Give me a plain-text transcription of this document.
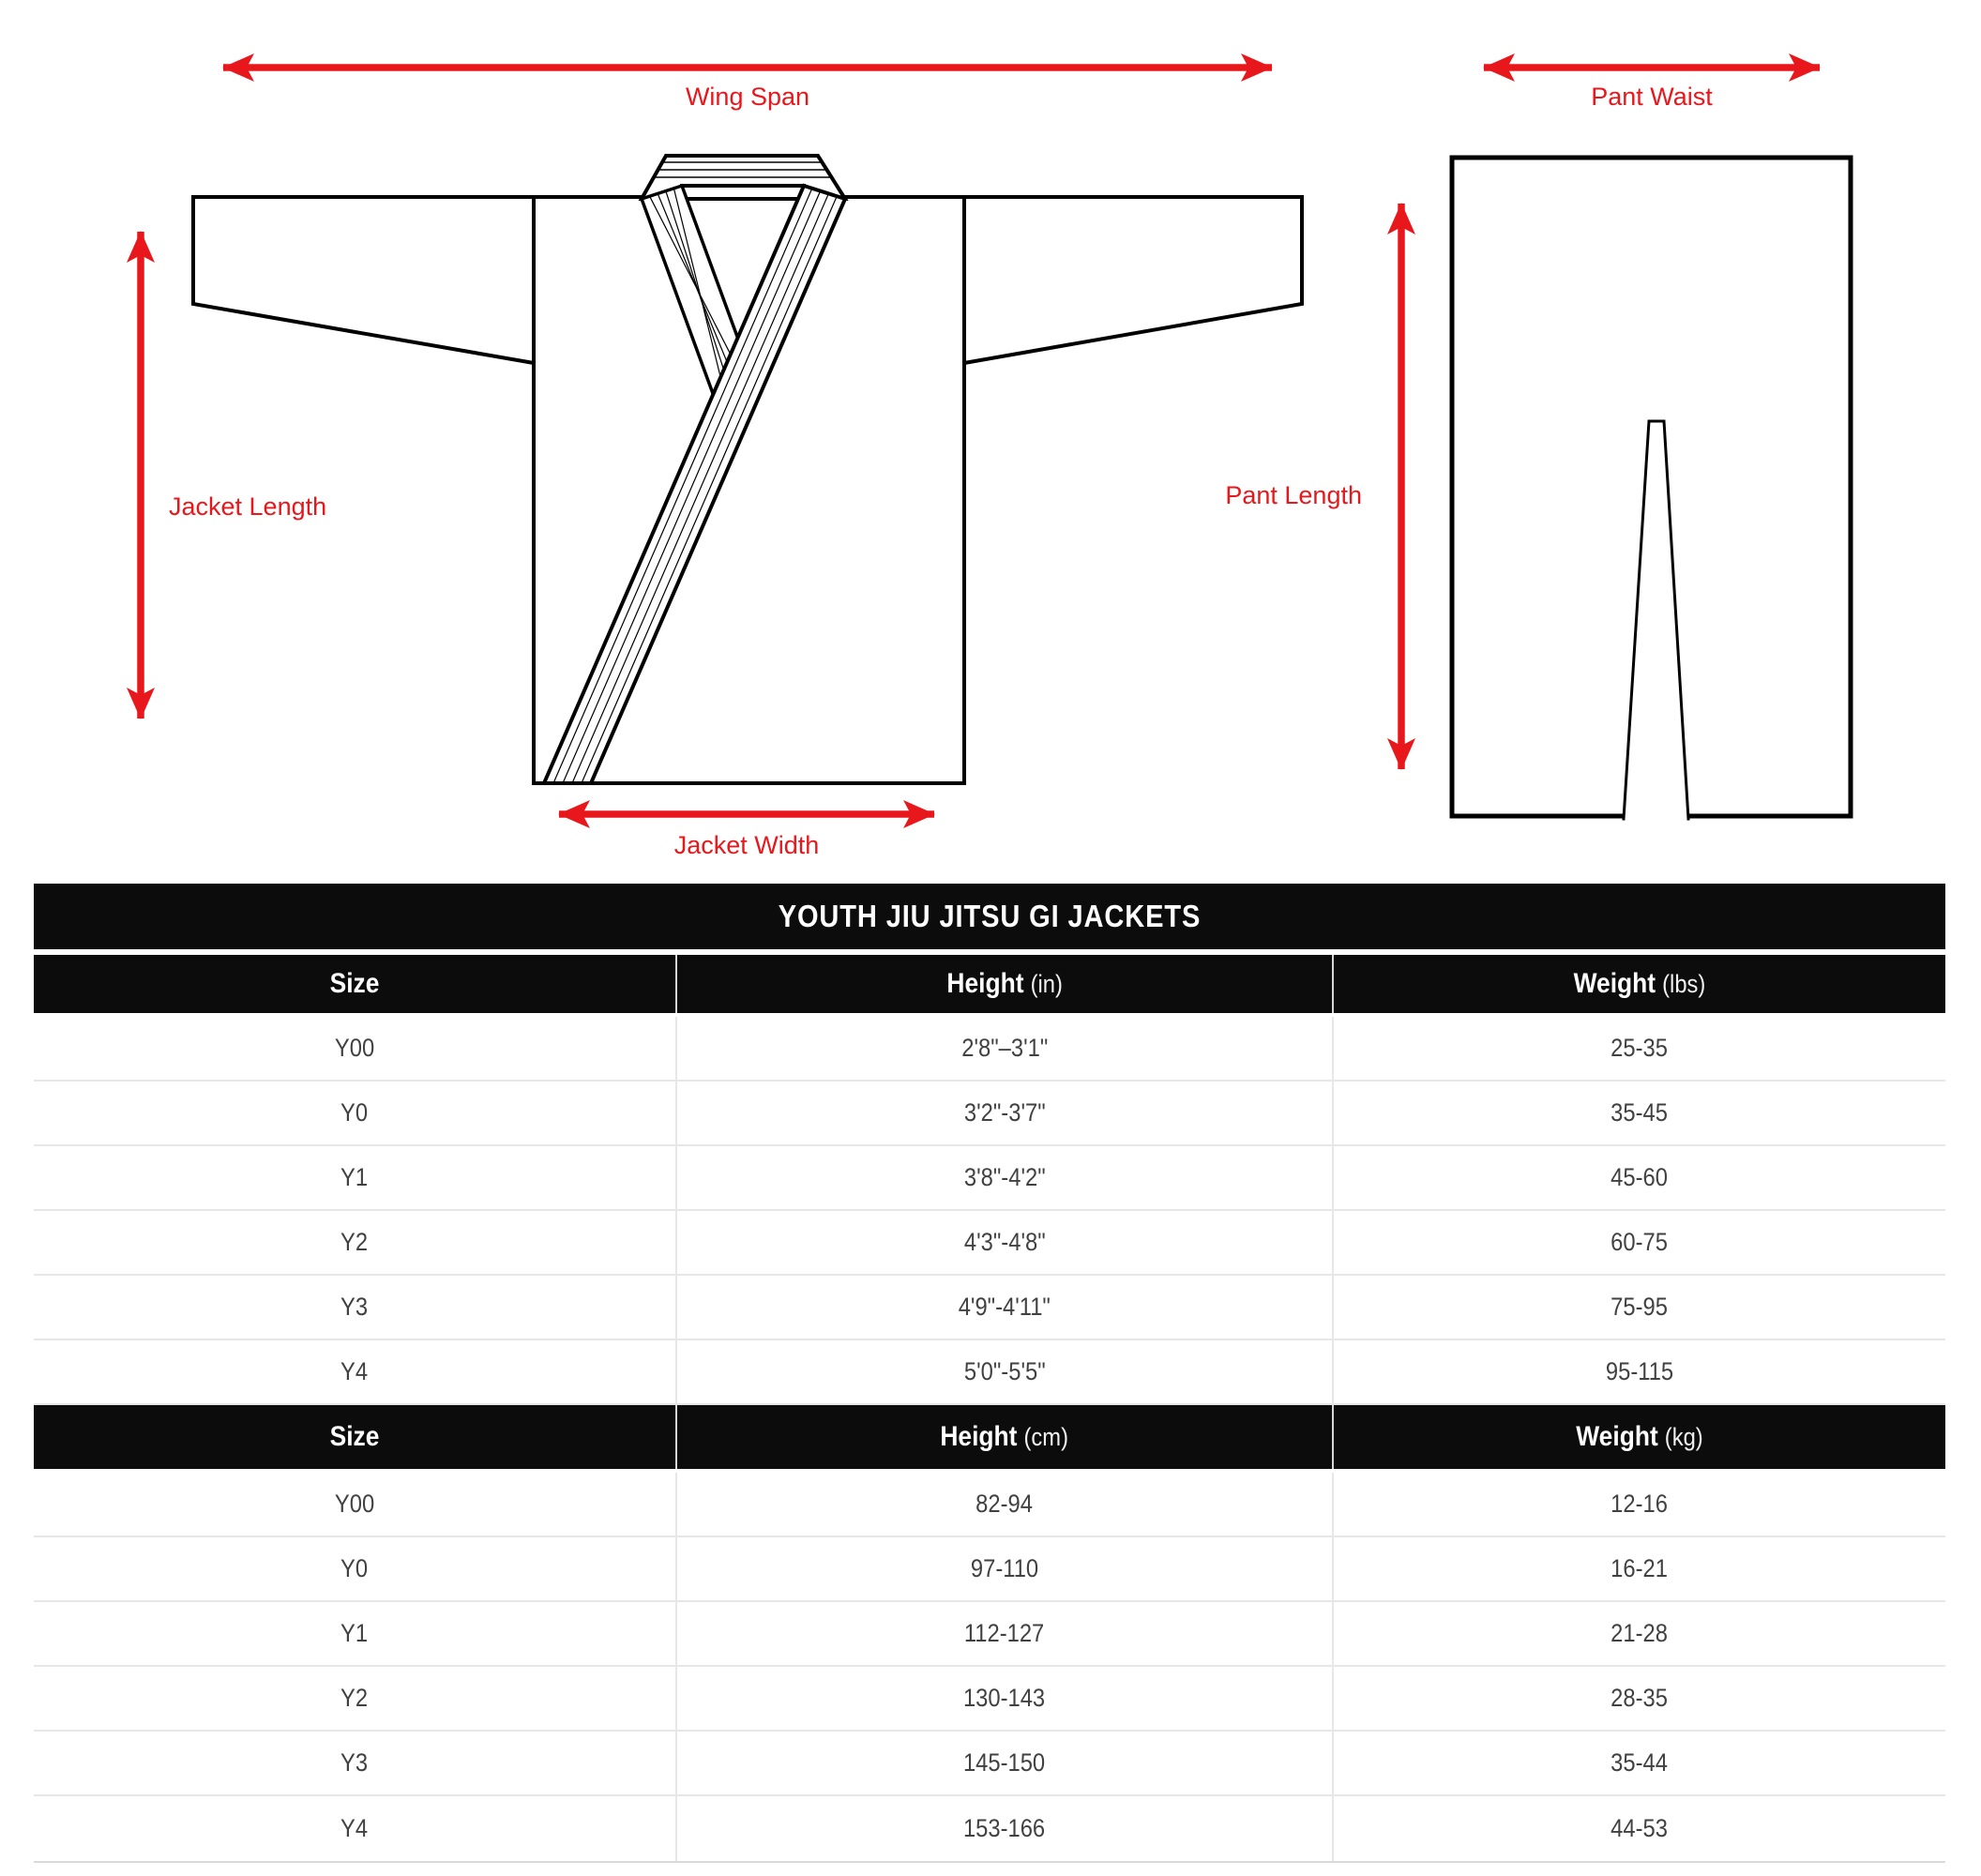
Wing Span	Pant Waist
Jacket Length	Pant Length
Jacket Width
YOUTH JIU JITSU GI JACKETS
Size	Height (in)	Weight (lbs)
Y00	2'8"–3'1"	25-35
Y0	3'2"-3'7"	35-45
Y1	3'8"-4'2"	45-60
Y2	4'3"-4'8"	60-75
Y3	4'9"-4'11"	75-95
Y4	5'0"-5'5"	95-115
Size	Height (cm)	Weight (kg)
Y00	82-94	12-16
Y0	97-110	16-21
Y1	112-127	21-28
Y2	130-143	28-35
Y3	145-150	35-44
Y4	153-166	44-53
